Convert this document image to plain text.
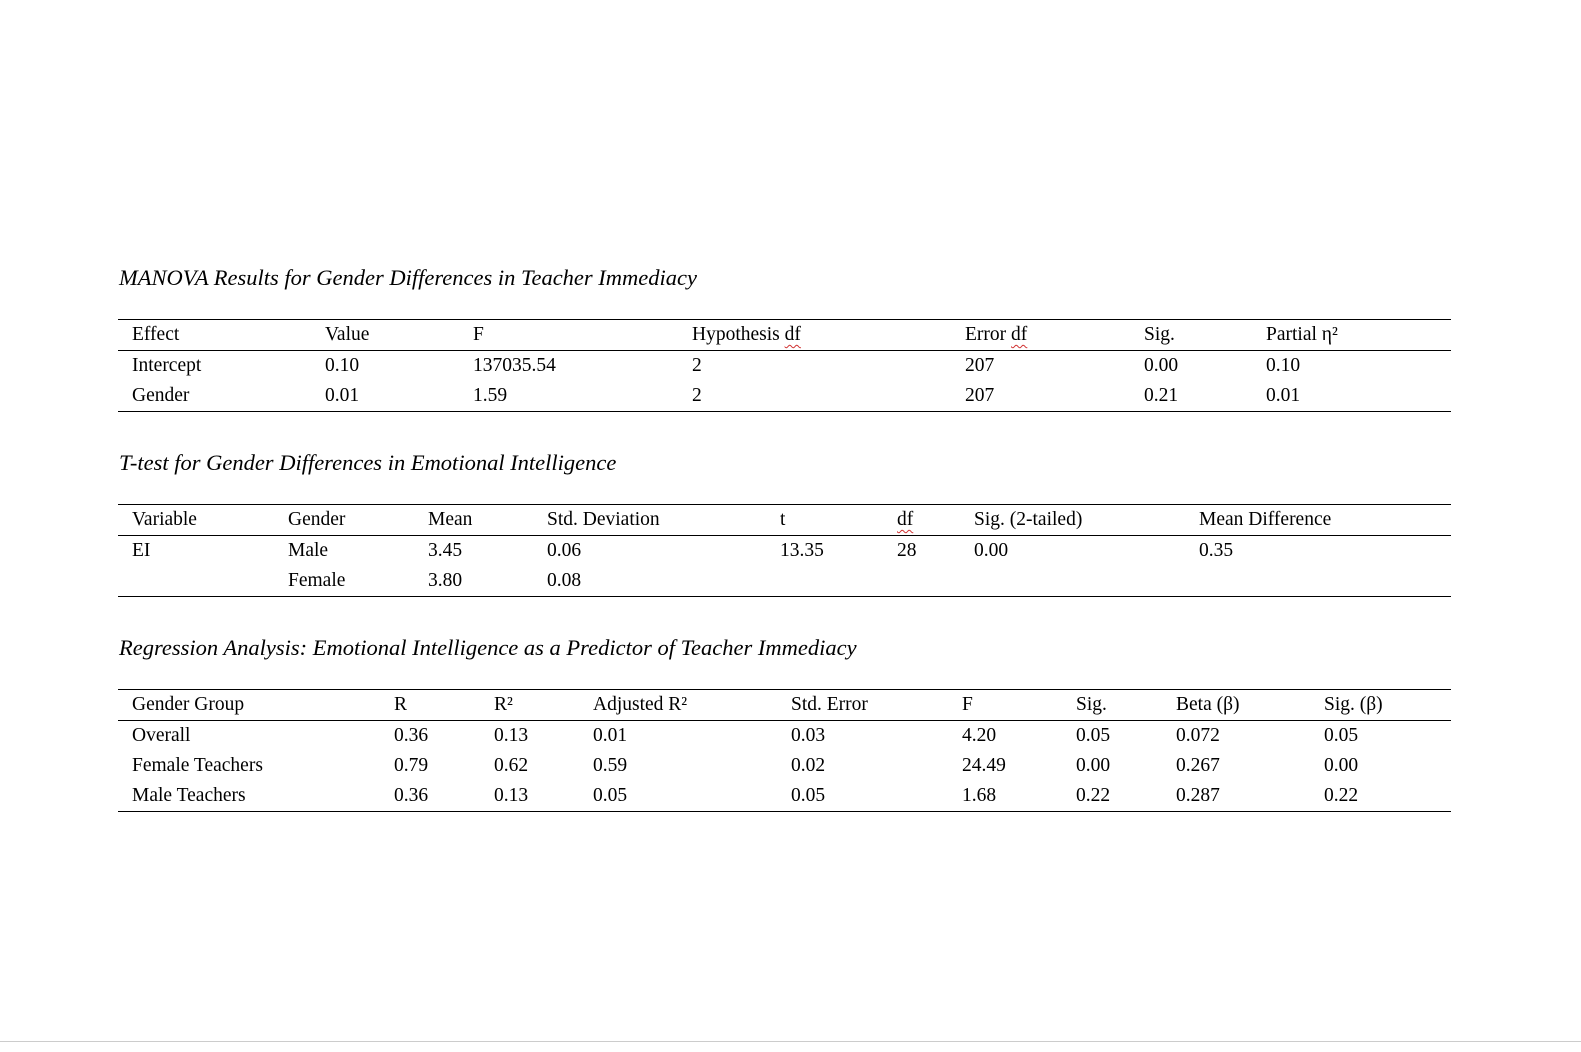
MANOVA Results for Gender Differences in Teacher Immediacy
Effect	Value	F	Hypothesis df	Error df	Sig.	Partial η²
Intercept	0.10	137035.54	2	207	0.00	0.10
Gender	0.01	1.59	2	207	0.21	0.01
T-test for Gender Differences in Emotional Intelligence
Variable	Gender	Mean	Std. Deviation	t	df	Sig. (2-tailed)	Mean Difference
EI	Male	3.45	0.06	13.35	28	0.00	0.35
	Female	3.80	0.08				
Regression Analysis: Emotional Intelligence as a Predictor of Teacher Immediacy
Gender Group	R	R²	Adjusted R²	Std. Error	F	Sig.	Beta (β)	Sig. (β)
Overall	0.36	0.13	0.01	0.03	4.20	0.05	0.072	0.05
Female Teachers	0.79	0.62	0.59	0.02	24.49	0.00	0.267	0.00
Male Teachers	0.36	0.13	0.05	0.05	1.68	0.22	0.287	0.22
